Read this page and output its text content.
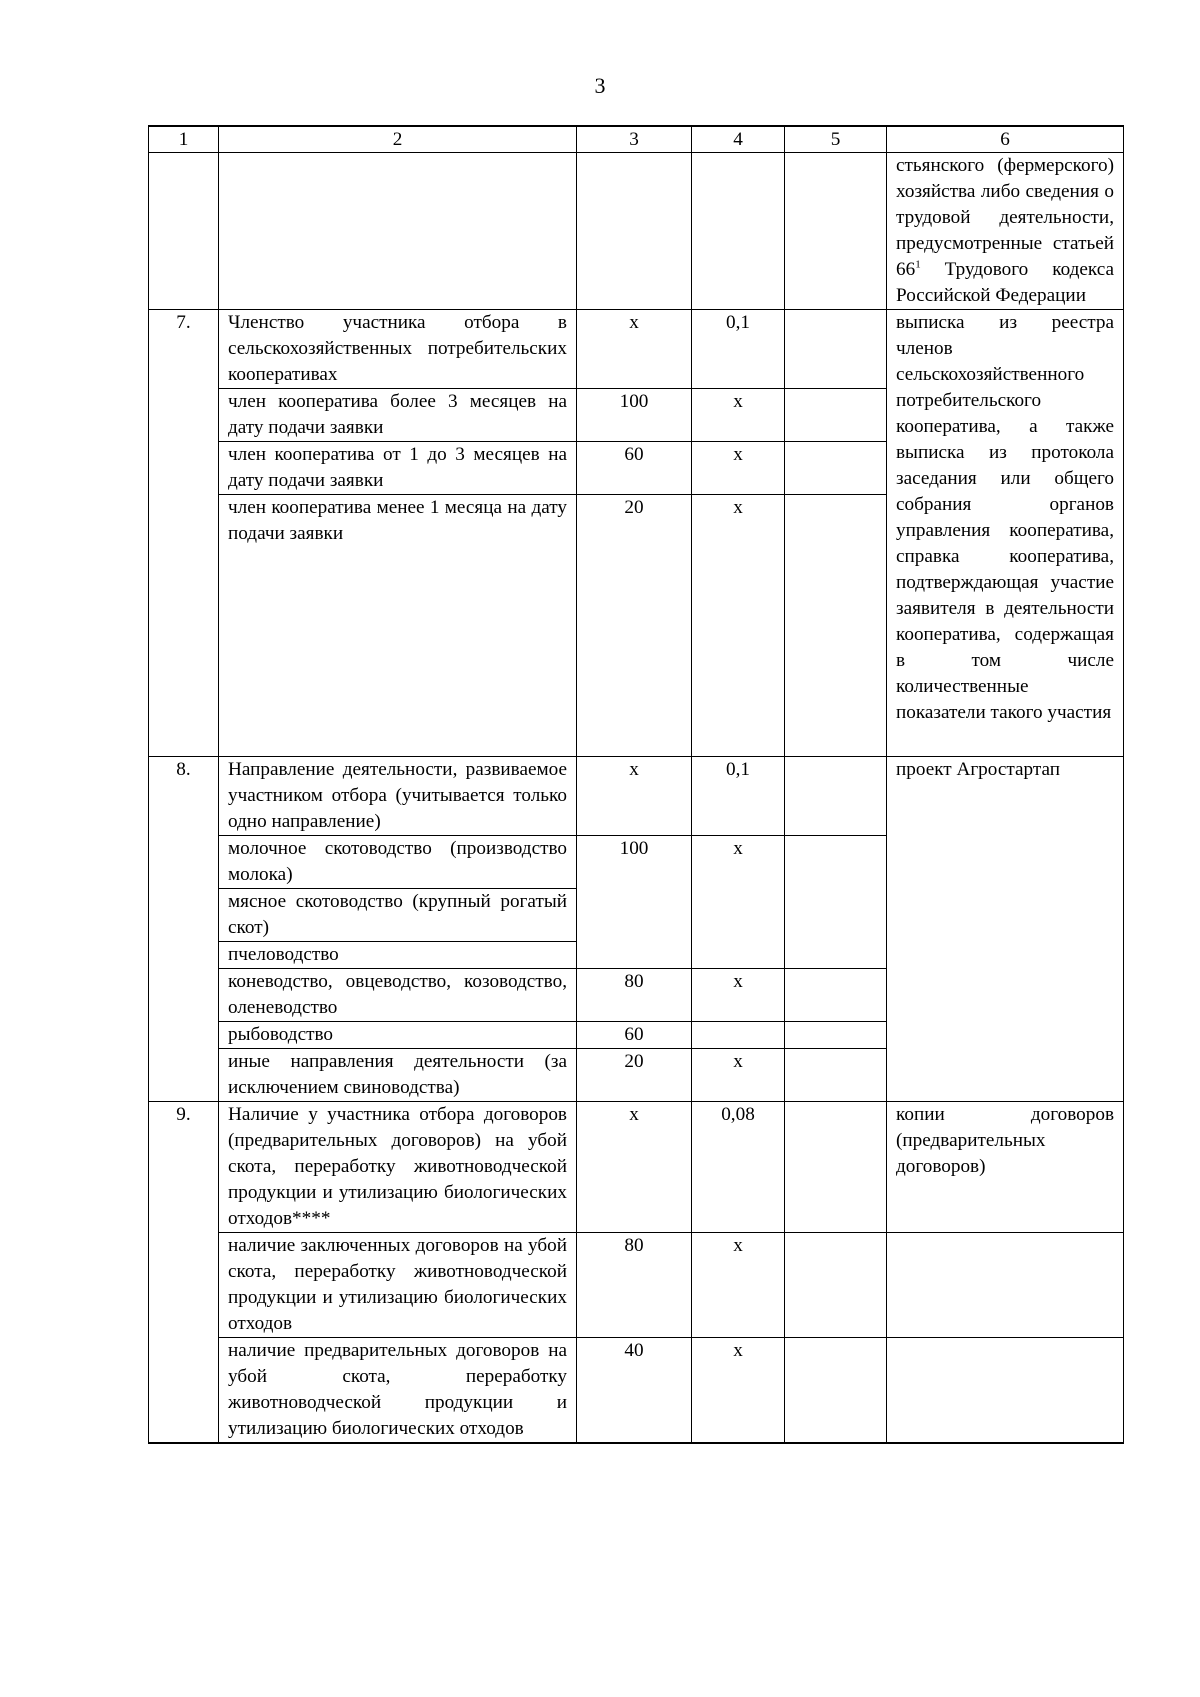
3
1	2	3	4	5	6
					стьянского (фермерского) хозяйства либо сведения о трудовой деятельности, предусмотренные статьей $66^1$ Трудового кодекса Российской Федерации
7.	Членство участника отбора в сельскохозяйственных потребительских кооперативах	х	0,1		выписка из реестра членов сельскохозяйственного потребительского кооператива, а также выписка из протокола заседания или общего собрания органов управления кооператива, справка кооператива, подтверждающая участие заявителя в деятельности кооператива, содержащая в том числе количественные показатели такого участия
	член кооператива более 3 месяцев на дату подачи заявки	100	х		
	член кооператива от 1 до 3 месяцев на дату подачи заявки	60	х		
	член кооператива менее 1 месяца на дату подачи заявки	20	х		
8.	Направление деятельности, развиваемое участником отбора (учитывается только одно направление)	х	0,1		проект Агростартап
	молочное скотоводство (производство молока)	100	х		
	мясное скотоводство (крупный рогатый скот)				
	пчеловодство				
	коневодство, овцеводство, козоводство, оленеводство	80	х		
	рыбоводство	60			
	иные направления деятельности (за исключением свиноводства)	20	х		
9.	Наличие у участника отбора договоров (предварительных договоров) на убой скота, переработку животноводческой продукции и утилизацию биологических отходов****	х	0,08		копии договоров (предварительных договоров)
	наличие заключенных договоров на убой скота, переработку животноводческой продукции и утилизацию биологических отходов	80	х		
	наличие предварительных договоров на убой скота, переработку животноводческой продукции и утилизацию биологических отходов	40	х		
